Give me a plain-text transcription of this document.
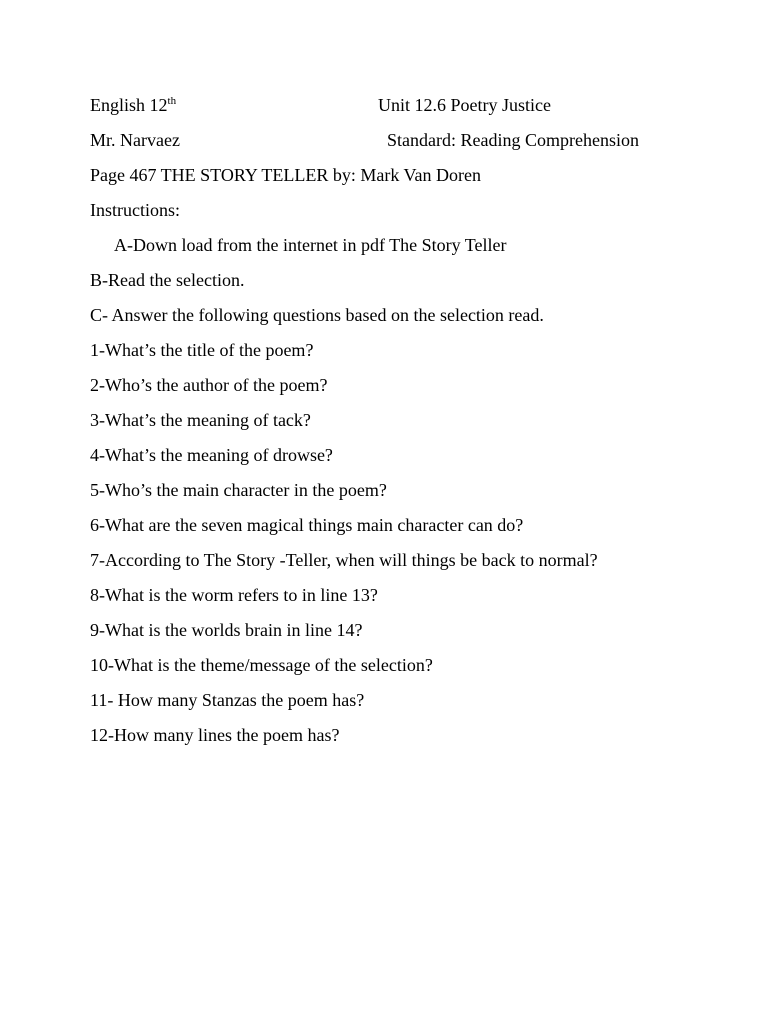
English 12th	Unit 12.6 Poetry Justice
Mr. Narvaez	Standard: Reading Comprehension
Page 467 THE STORY TELLER by: Mark Van Doren
Instructions:
A-Down load from the internet in pdf The Story Teller
B-Read the selection.
C- Answer the following questions based on the selection read.
1-What’s the title of the poem?
2-Who’s the author of the poem?
3-What’s the meaning of tack?
4-What’s the meaning of drowse?
5-Who’s the main character in the poem?
6-What are the seven magical things main character can do?
7-According to The Story -Teller, when will things be back to normal?
8-What is the worm refers to in line 13?
9-What is the worlds brain in line 14?
10-What is the theme/message of the selection?
11- How many Stanzas the poem has?
12-How many lines the poem has?
